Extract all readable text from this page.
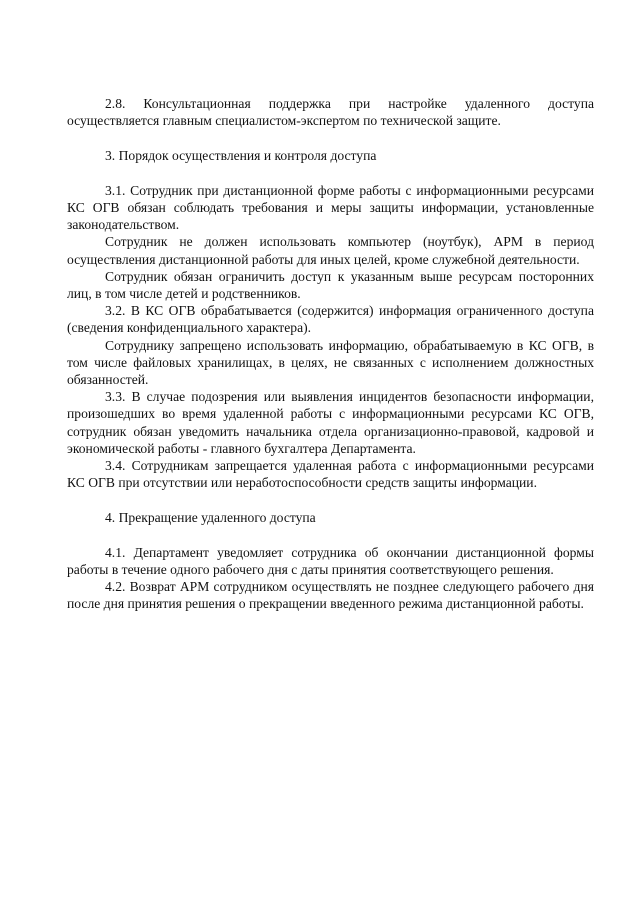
2.8. Консультационная поддержка при настройке удаленного доступа осуществляется главным специалистом-экспертом по технической защите.

3. Порядок осуществления и контроля доступа

3.1. Сотрудник при дистанционной форме работы с информационными ресурсами КС ОГВ обязан соблюдать требования и меры защиты информации, установленные законодательством.

Сотрудник не должен использовать компьютер (ноутбук), АРМ в период осуществления дистанционной работы для иных целей, кроме служебной деятельности.

Сотрудник обязан ограничить доступ к указанным выше ресурсам посторонних лиц, в том числе детей и родственников.

3.2. В КС ОГВ обрабатывается (содержится) информация ограниченного доступа (сведения конфиденциального характера).

Сотруднику запрещено использовать информацию, обрабатываемую в КС ОГВ, в том числе файловых хранилищах, в целях, не связанных с исполнением должностных обязанностей.

3.3. В случае подозрения или выявления инцидентов безопасности информации, произошедших во время удаленной работы с информационными ресурсами КС ОГВ, сотрудник обязан уведомить начальника отдела организационно-правовой, кадровой и экономической работы - главного бухгалтера Департамента.

3.4. Сотрудникам запрещается удаленная работа с информационными ресурсами КС ОГВ при отсутствии или неработоспособности средств защиты информации.

4. Прекращение удаленного доступа

4.1. Департамент уведомляет сотрудника об окончании дистанционной формы работы в течение одного рабочего дня с даты принятия соответствующего решения.

4.2. Возврат АРМ сотрудником осуществлять не позднее следующего рабочего дня после дня принятия решения о прекращении введенного режима дистанционной работы.
